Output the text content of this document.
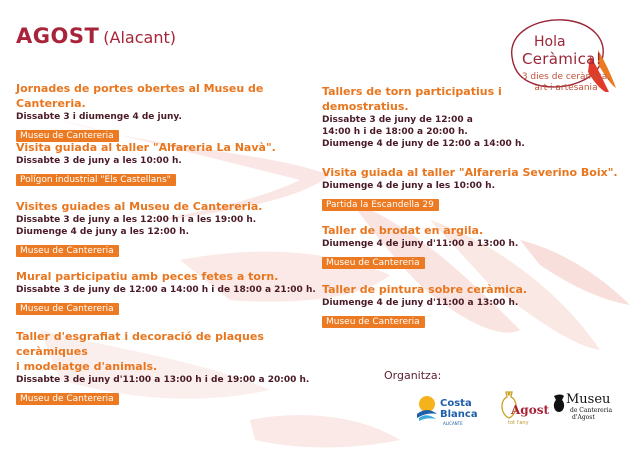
AGOST (Alacant)
Jornades de portes obertes al Museu de Cantereria.
Dissabte 3 i diumenge 4 de juny.
Museu de Cantereria
Visita guiada al taller "Alfareria La Navà".
Dissabte 3 de juny a les 10:00 h.
Polígon industrial "Els Castellans"
Visites guiades al Museu de Cantereria.
Dissabte 3 de juny a les 12:00 h i a les 19:00 h.
Diumenge 4 de juny a les 12:00 h.
Museu de Cantereria
Mural participatiu amb peces fetes a torn.
Dissabte 3 de juny de 12:00 a 14:00 h i de 18:00 a 21:00 h.
Museu de Cantereria
Taller d'esgrafiat i decoració de plaques ceràmiques
i modelatge d'animals.
Dissabte 3 de juny d'11:00 a 13:00 h i de 19:00 a 20:00 h.
Museu de Cantereria
Tallers de torn participatius i
demostratius.
Dissabte 3 de juny de 12:00 a
14:00 h i de 18:00 a 20:00 h.
Diumenge 4 de juny de 12:00 a 14:00 h.
Visita guiada al taller "Alfareria Severino Boix".
Diumenge 4 de juny a les 10:00 h.
Partida la Escandella 29
Taller de brodat en argila.
Diumenge 4 de juny d'11:00 a 13:00 h.
Museu de Cantereria
Taller de pintura sobre ceràmica.
Diumenge 4 de juny d'11:00 a 13:00 h.
Museu de Cantereria
Hola
Ceràmica!
3 dies de ceràmica,
art i artesania
Organitza:
Costa
Blanca
ALICANTE
Agost
tot l'any
Museu
de Cantereria
d'Agost
